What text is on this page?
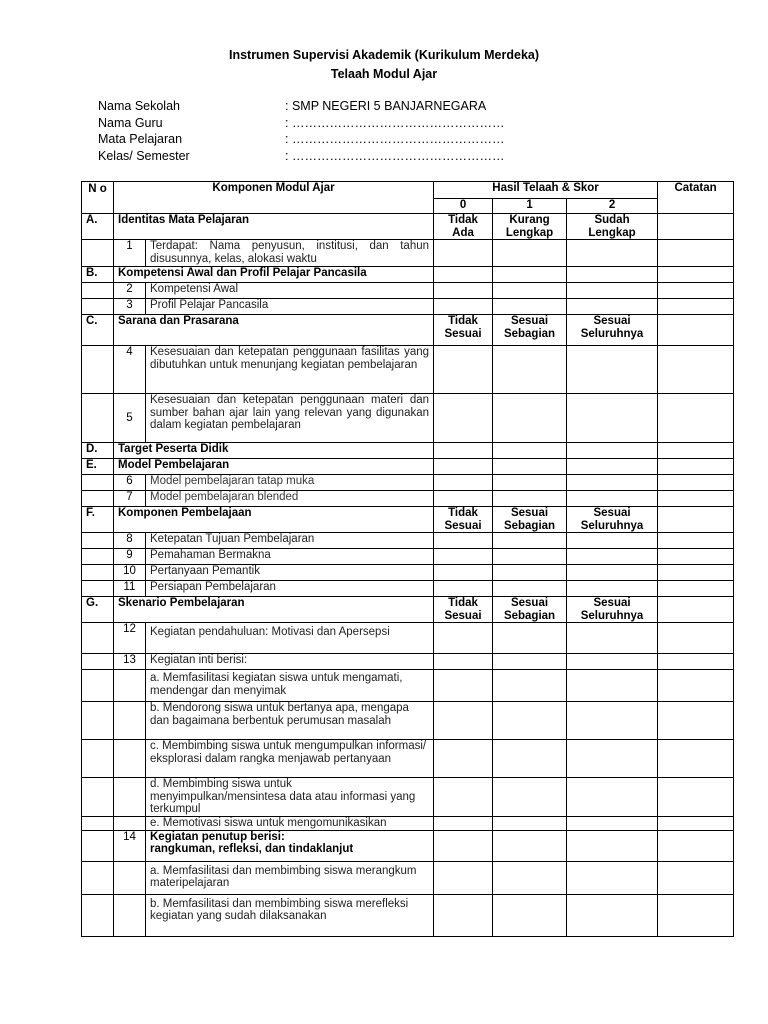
Instrumen Supervisi Akademik (Kurikulum Merdeka)
Telaah Modul Ajar
Nama Sekolah	: SMP NEGERI 5 BANJARNEGARA
Nama Guru	: ……………………………………………
Mata Pelajaran	: ……………………………………………
Kelas/ Semester	: ……………………………………………
N o	Komponen Modul Ajar		Hasil Telaah & Skor			Catatan
			0	1	2	
A.	Identitas Mata Pelajaran		Tidak Ada	Kurang Lengkap	Sudah Lengkap	
	1	Terdapat: Nama penyusun, institusi, dan tahun disusunnya, kelas, alokasi waktu				
B.	Kompetensi Awal dan Profil Pelajar Pancasila					
	2	Kompetensi Awal				
	3	Profil Pelajar Pancasila				
C.	Sarana dan Prasarana		Tidak Sesuai	Sesuai Sebagian	Sesuai Seluruhnya	
	4	Kesesuaian dan ketepatan penggunaan fasilitas yang dibutuhkan untuk menunjang kegiatan pembelajaran				
	5	Kesesuaian dan ketepatan penggunaan materi dan sumber bahan ajar lain yang relevan yang digunakan dalam kegiatan pembelajaran				
D.	Target Peserta Didik					
E.	Model Pembelajaran					
	6	Model pembelajaran tatap muka				
	7	Model pembelajaran blended				
F.	Komponen Pembelajaan		Tidak Sesuai	Sesuai Sebagian	Sesuai Seluruhnya	
	8	Ketepatan Tujuan Pembelajaran				
	9	Pemahaman Bermakna				
	10	Pertanyaan Pemantik				
	11	Persiapan Pembelajaran				
G.	Skenario Pembelajaran		Tidak Sesuai	Sesuai Sebagian	Sesuai Seluruhnya	
	12	Kegiatan pendahuluan: Motivasi dan Apersepsi				
	13	Kegiatan inti berisi:				
		a. Memfasilitasi kegiatan siswa untuk mengamati, mendengar dan menyimak				
		b. Mendorong siswa untuk bertanya apa, mengapa dan bagaimana berbentuk perumusan masalah				
		c. Membimbing siswa untuk mengumpulkan informasi/ eksplorasi dalam rangka menjawab pertanyaan				
		d. Membimbing siswa untuk menyimpulkan/mensintesa data atau informasi yang terkumpul				
		e. Memotivasi siswa untuk mengomunikasikan				
	14	Kegiatan penutup berisi:
rangkuman, refleksi, dan tindaklanjut				

		a. Memfasilitasi dan membimbing siswa merangkum materipelajaran				
		b. Memfasilitasi dan membimbing siswa merefleksi kegiatan yang sudah dilaksanakan				
